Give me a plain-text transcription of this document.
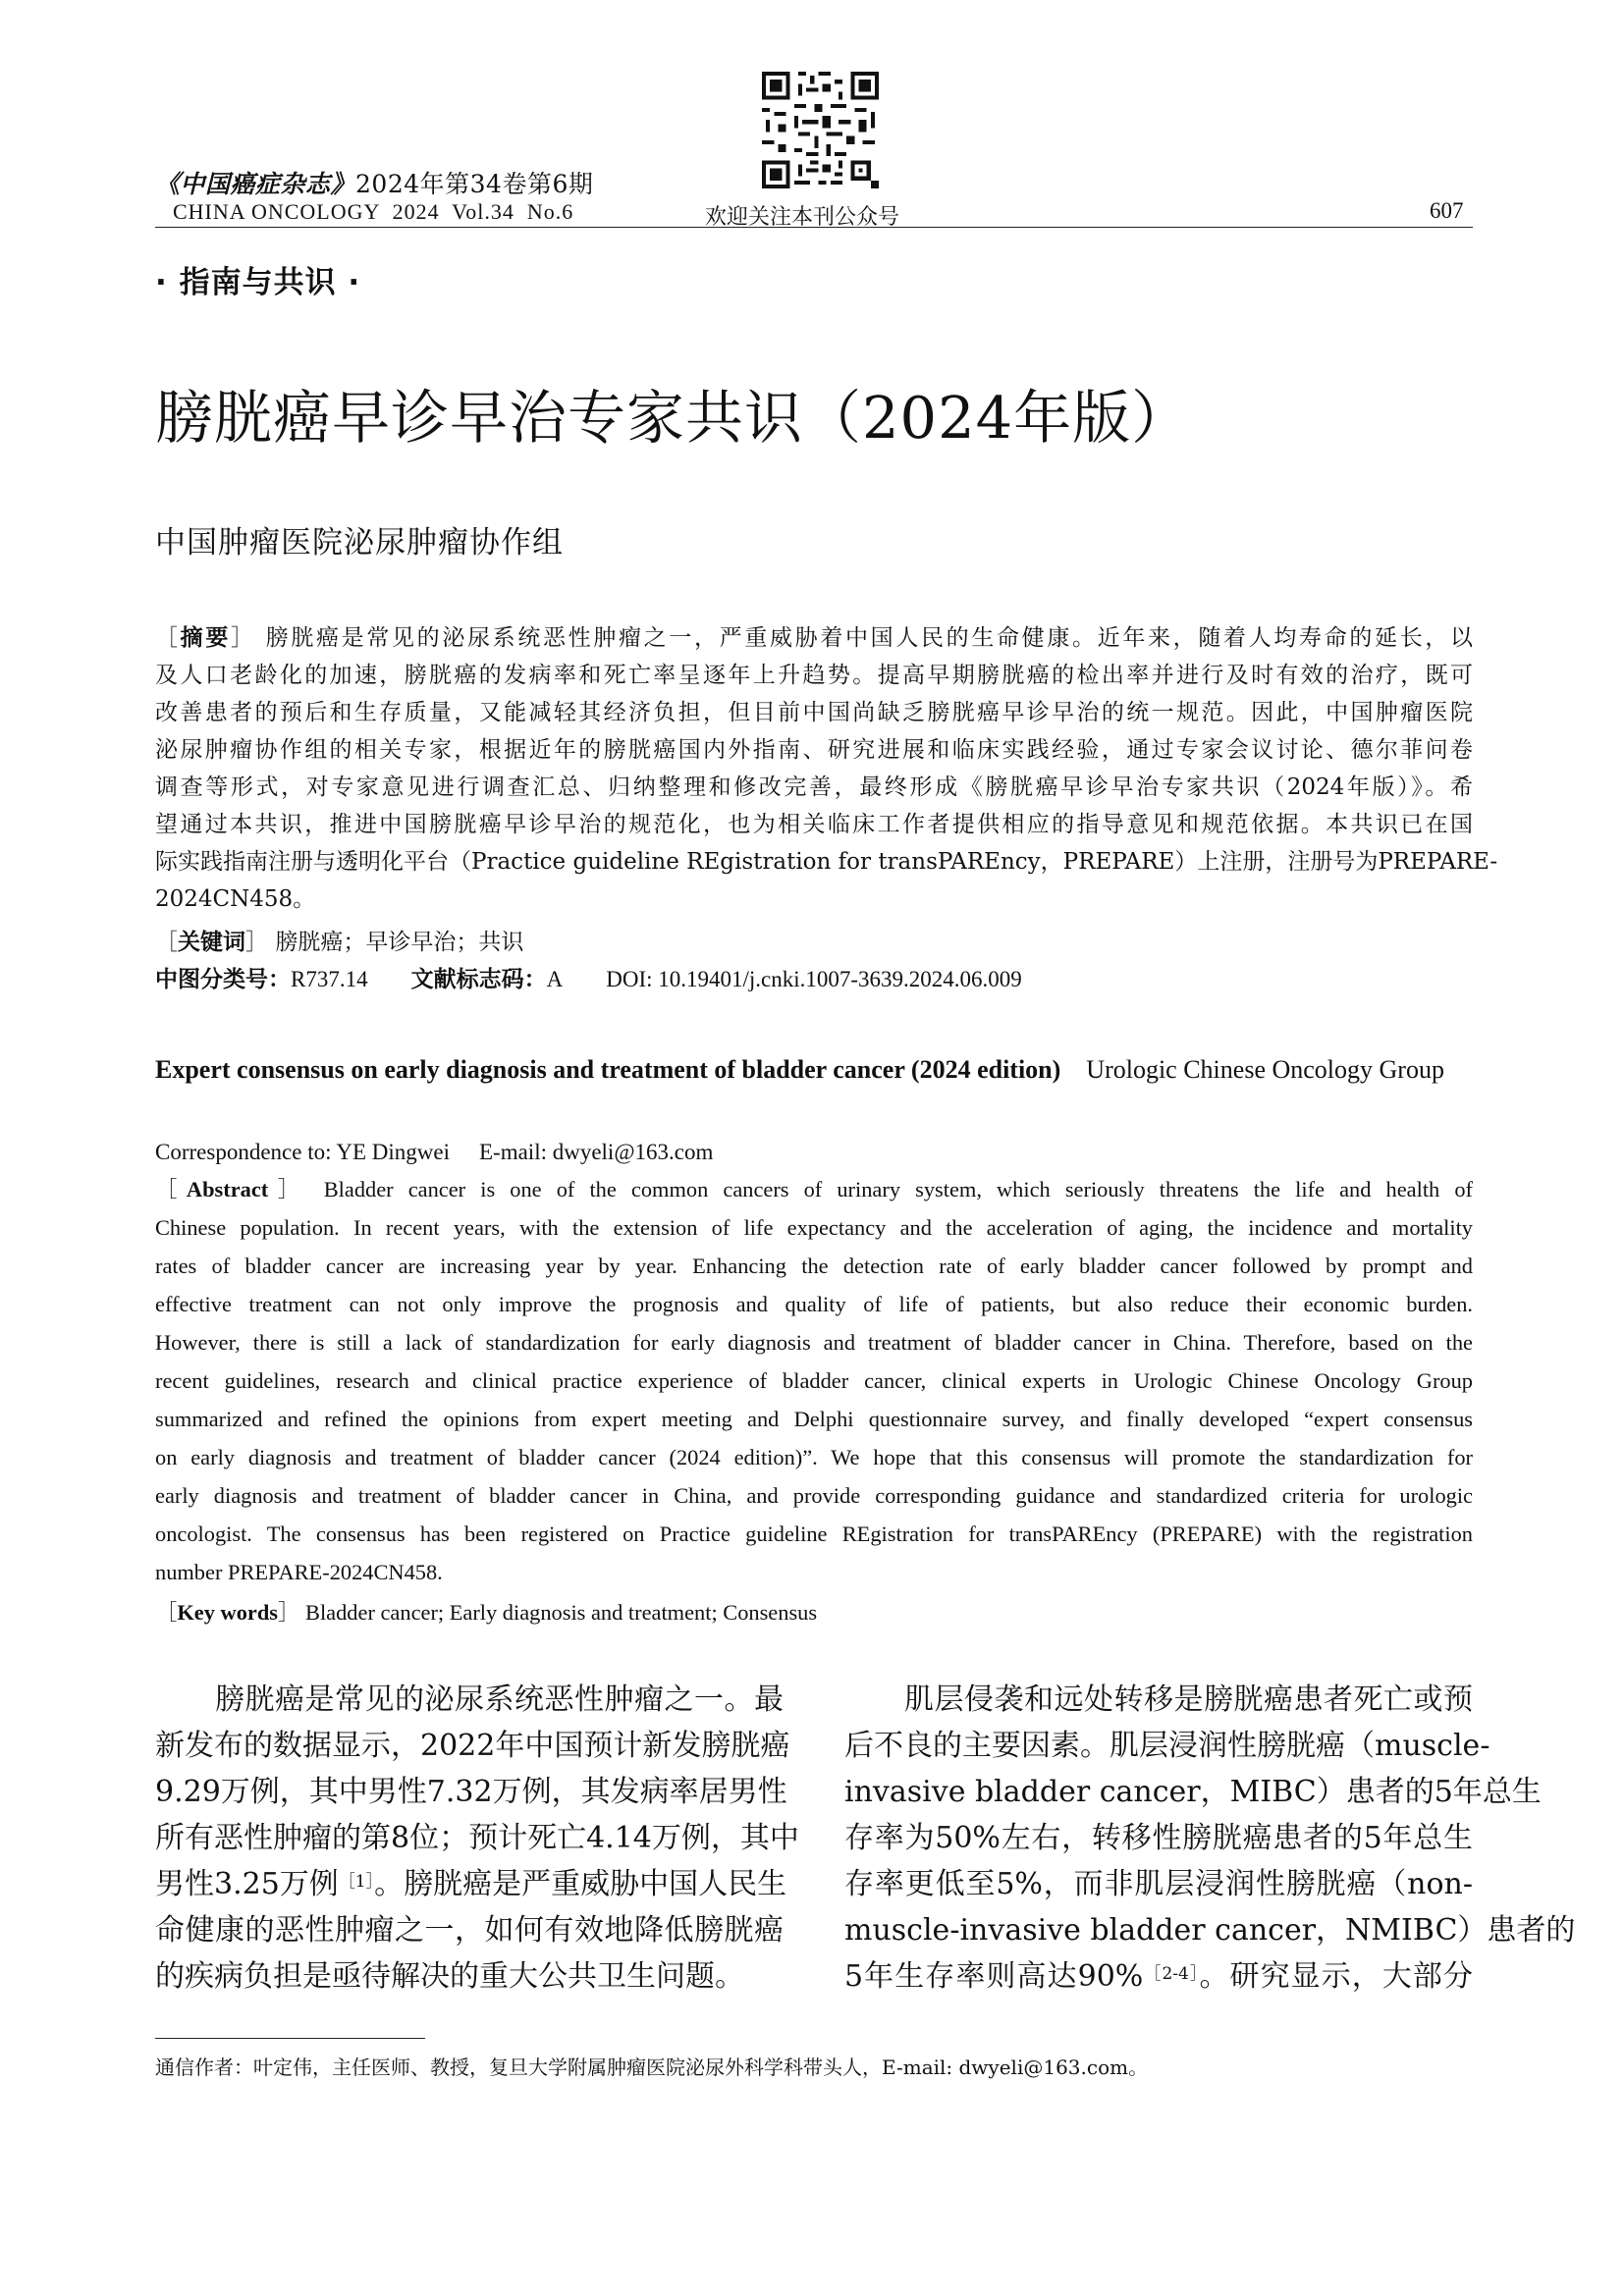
《中国癌症杂志》2024年第34卷第6期
CHINA ONCOLOGY  2024  Vol.34  No.6	欢迎关注本刊公众号	607
· 指南与共识 ·
膀胱癌早诊早治专家共识（2024年版）
中国肿瘤医院泌尿肿瘤协作组
［摘要］ 膀胱癌是常见的泌尿系统恶性肿瘤之一，严重威胁着中国人民的生命健康。近年来，随着人均寿命的延长，以
及人口老龄化的加速，膀胱癌的发病率和死亡率呈逐年上升趋势。提高早期膀胱癌的检出率并进行及时有效的治疗，既可
改善患者的预后和生存质量，又能减轻其经济负担，但目前中国尚缺乏膀胱癌早诊早治的统一规范。因此，中国肿瘤医院
泌尿肿瘤协作组的相关专家，根据近年的膀胱癌国内外指南、研究进展和临床实践经验，通过专家会议讨论、德尔菲问卷
调查等形式，对专家意见进行调查汇总、归纳整理和修改完善，最终形成《膀胱癌早诊早治专家共识（2024年版）》。希
望通过本共识，推进中国膀胱癌早诊早治的规范化，也为相关临床工作者提供相应的指导意见和规范依据。本共识已在国
际实践指南注册与透明化平台（Practice guideline REgistration for transPAREncy，PREPARE）上注册，注册号为PREPARE-
2024CN458。
［关键词］ 膀胱癌；早诊早治；共识
中图分类号：R737.14 文献标志码：A DOI: 10.19401/j.cnki.1007-3639.2024.06.009
Expert consensus on early diagnosis and treatment of bladder cancer (2024 edition) Urologic Chinese Oncology Group
Correspondence to: YE Dingwei E-mail: dwyeli@163.com
［Abstract］ Bladder cancer is one of the common cancers of urinary system, which seriously threatens the life and health of
Chinese population. In recent years, with the extension of life expectancy and the acceleration of aging, the incidence and mortality
rates of bladder cancer are increasing year by year. Enhancing the detection rate of early bladder cancer followed by prompt and
effective treatment can not only improve the prognosis and quality of life of patients, but also reduce their economic burden.
However, there is still a lack of standardization for early diagnosis and treatment of bladder cancer in China. Therefore, based on the
recent guidelines, research and clinical practice experience of bladder cancer, clinical experts in Urologic Chinese Oncology Group
summarized and refined the opinions from expert meeting and Delphi questionnaire survey, and finally developed “expert consensus
on early diagnosis and treatment of bladder cancer (2024 edition)”. We hope that this consensus will promote the standardization for
early diagnosis and treatment of bladder cancer in China, and provide corresponding guidance and standardized criteria for urologic
oncologist. The consensus has been registered on Practice guideline REgistration for transPAREncy (PREPARE) with the registration
number PREPARE-2024CN458.
［Key words］ Bladder cancer; Early diagnosis and treatment; Consensus
　　膀胱癌是常见的泌尿系统恶性肿瘤之一。最
新发布的数据显示，2022年中国预计新发膀胱癌
9.29万例，其中男性7.32万例，其发病率居男性
所有恶性肿瘤的第8位；预计死亡4.14万例，其中
男性3.25万例$^{[1]}$。膀胱癌是严重威胁中国人民生
命健康的恶性肿瘤之一，如何有效地降低膀胱癌
的疾病负担是亟待解决的重大公共卫生问题。
　　肌层侵袭和远处转移是膀胱癌患者死亡或预
后不良的主要因素。肌层浸润性膀胱癌（muscle-
invasive bladder cancer，MIBC）患者的5年总生
存率为50%左右，转移性膀胱癌患者的5年总生
存率更低至5%，而非肌层浸润性膀胱癌（non-
muscle-invasive bladder cancer，NMIBC）患者的
5年生存率则高达90%$^{[2-4]}$。研究显示，大部分
通信作者：叶定伟，主任医师、教授，复旦大学附属肿瘤医院泌尿外科学科带头人，E-mail: dwyeli@163.com。
